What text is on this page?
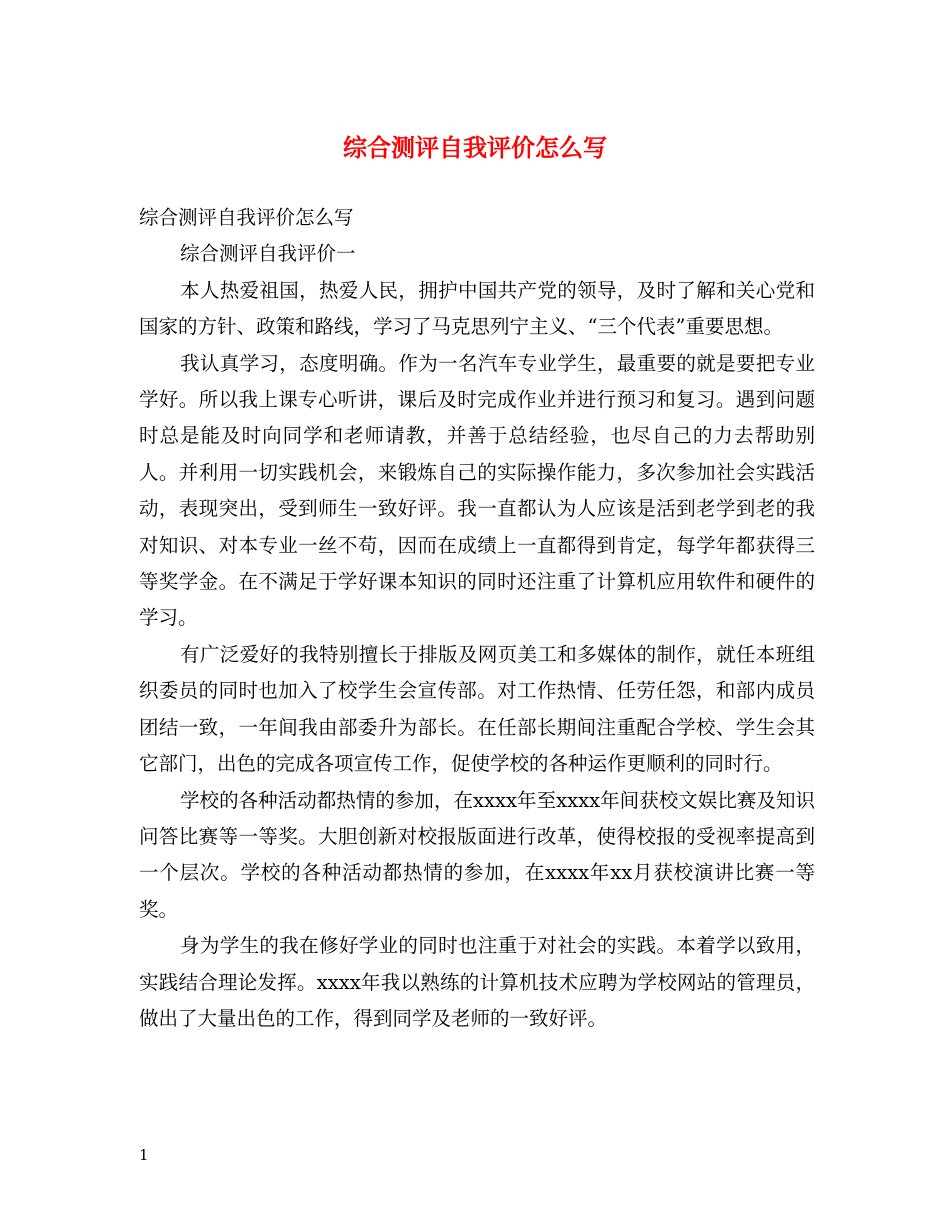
综合测评自我评价怎么写

综合测评自我评价怎么写

综合测评自我评价一

本人热爱祖国，热爱人民，拥护中国共产党的领导，及时了解和关心党和国家的方针、政策和路线，学习了马克思列宁主义、“三个代表”重要思想。

我认真学习，态度明确。作为一名汽车专业学生，最重要的就是要把专业学好。所以我上课专心听讲，课后及时完成作业并进行预习和复习。遇到问题时总是能及时向同学和老师请教，并善于总结经验，也尽自己的力去帮助别人。并利用一切实践机会，来锻炼自己的实际操作能力，多次参加社会实践活动，表现突出，受到师生一致好评。我一直都认为人应该是活到老学到老的我对知识、对本专业一丝不苟，因而在成绩上一直都得到肯定，每学年都获得三等奖学金。在不满足于学好课本知识的同时还注重了计算机应用软件和硬件的学习。

有广泛爱好的我特别擅长于排版及网页美工和多媒体的制作，就任本班组织委员的同时也加入了校学生会宣传部。对工作热情、任劳任怨，和部内成员团结一致，一年间我由部委升为部长。在任部长期间注重配合学校、学生会其它部门，出色的完成各项宣传工作，促使学校的各种运作更顺利的同时行。

学校的各种活动都热情的参加，在xxxx年至xxxx年间获校文娱比赛及知识问答比赛等一等奖。大胆创新对校报版面进行改革，使得校报的受视率提高到一个层次。学校的各种活动都热情的参加，在xxxx年xx月获校演讲比赛一等奖。

身为学生的我在修好学业的同时也注重于对社会的实践。本着学以致用，实践结合理论发挥。xxxx年我以熟练的计算机技术应聘为学校网站的管理员，做出了大量出色的工作，得到同学及老师的一致好评。

1
